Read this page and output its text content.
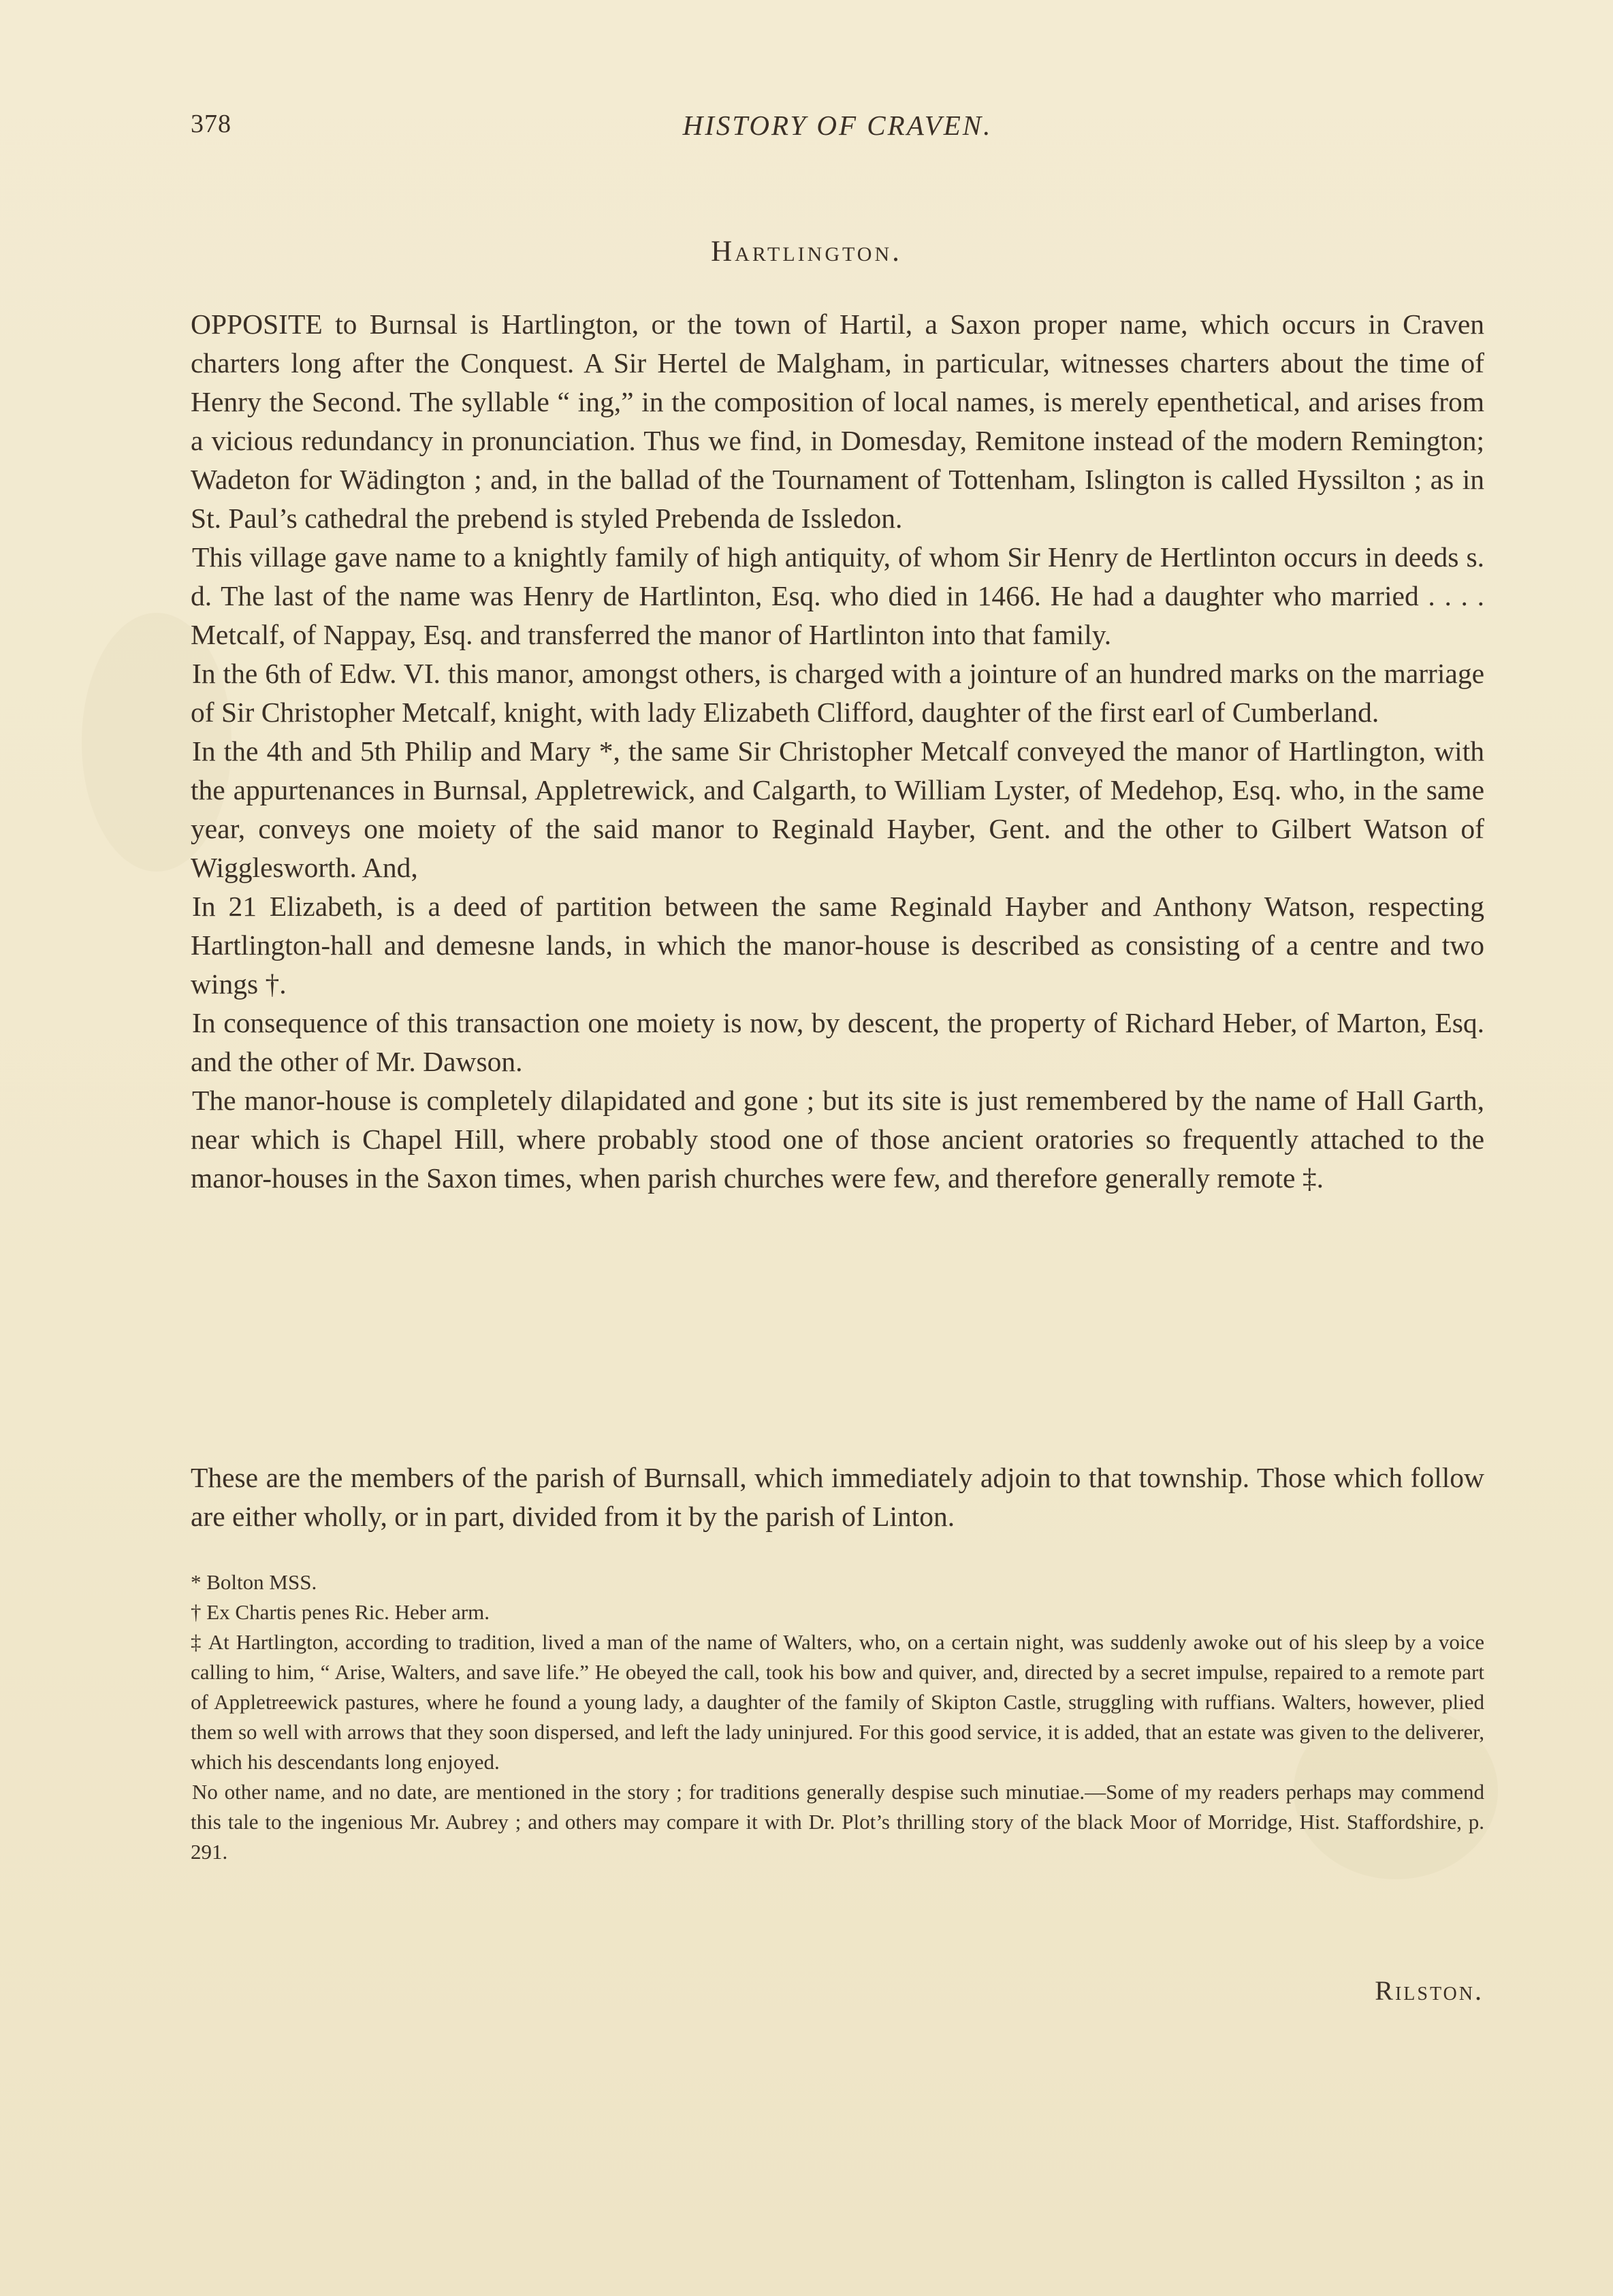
378	HISTORY OF CRAVEN.
Hartlington.

OPPOSITE to Burnsal is Hartlington, or the town of Hartil, a Saxon proper name, which occurs in Craven charters long after the Conquest. A Sir Hertel de Malgham, in particular, witnesses charters about the time of Henry the Second. The syllable “ ing,” in the composition of local names, is merely epenthetical, and arises from a vicious redundancy in pronunciation. Thus we find, in Domesday, Remitone instead of the modern Remington; Wadeton for Wädington ; and, in the ballad of the Tournament of Tottenham, Islington is called Hyssilton ; as in St. Paul’s cathedral the prebend is styled Prebenda de Issledon.

This village gave name to a knightly family of high antiquity, of whom Sir Henry de Hertlinton occurs in deeds s. d. The last of the name was Henry de Hartlinton, Esq. who died in 1466. He had a daughter who married . . . . Metcalf, of Nappay, Esq. and transferred the manor of Hartlinton into that family.

In the 6th of Edw. VI. this manor, amongst others, is charged with a jointure of an hundred marks on the marriage of Sir Christopher Metcalf, knight, with lady Elizabeth Clifford, daughter of the first earl of Cumberland.

In the 4th and 5th Philip and Mary *, the same Sir Christopher Metcalf conveyed the manor of Hartlington, with the appurtenances in Burnsal, Appletrewick, and Calgarth, to William Lyster, of Medehop, Esq. who, in the same year, conveys one moiety of the said manor to Reginald Hayber, Gent. and the other to Gilbert Watson of Wigglesworth. And,

In 21 Elizabeth, is a deed of partition between the same Reginald Hayber and Anthony Watson, respecting Hartlington-hall and demesne lands, in which the manor-house is described as consisting of a centre and two wings †.

In consequence of this transaction one moiety is now, by descent, the property of Richard Heber, of Marton, Esq. and the other of Mr. Dawson.

The manor-house is completely dilapidated and gone ; but its site is just remembered by the name of Hall Garth, near which is Chapel Hill, where probably stood one of those ancient oratories so frequently attached to the manor-houses in the Saxon times, when parish churches were few, and therefore generally remote ‡.

These are the members of the parish of Burnsall, which immediately adjoin to that township. Those which follow are either wholly, or in part, divided from it by the parish of Linton.

* Bolton MSS.

† Ex Chartis penes Ric. Heber arm.

‡ At Hartlington, according to tradition, lived a man of the name of Walters, who, on a certain night, was suddenly awoke out of his sleep by a voice calling to him, “ Arise, Walters, and save life.” He obeyed the call, took his bow and quiver, and, directed by a secret impulse, repaired to a remote part of Appletreewick pastures, where he found a young lady, a daughter of the family of Skipton Castle, struggling with ruffians. Walters, however, plied them so well with arrows that they soon dispersed, and left the lady uninjured. For this good service, it is added, that an estate was given to the deliverer, which his descendants long enjoyed.

No other name, and no date, are mentioned in the story ; for traditions generally despise such minutiae.—Some of my readers perhaps may commend this tale to the ingenious Mr. Aubrey ; and others may compare it with Dr. Plot’s thrilling story of the black Moor of Morridge, Hist. Staffordshire, p. 291.

Rilston.
